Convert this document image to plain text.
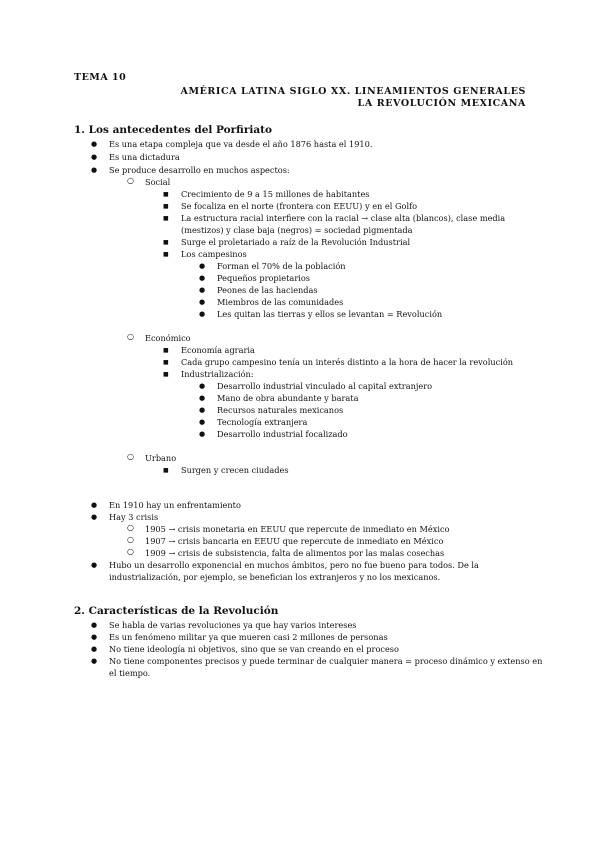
TEMA 10
AMÉRICA LATINA SIGLO XX. LINEAMIENTOS GENERALES
LA REVOLUCIÓN MEXICANA
1. Los antecedentes del Porfiriato
● Es una etapa compleja que va desde el año 1876 hasta el 1910.
● Es una dictadura
● Se produce desarrollo en muchos aspectos:
○ Social
■ Crecimiento de 9 a 15 millones de habitantes
■ Se focaliza en el norte (frontera con EEUU) y en el Golfo
■ La estructura racial interfiere con la racial → clase alta (blancos), clase media
(mestizos) y clase baja (negros) = sociedad pigmentada
■ Surge el proletariado a raíz de la Revolución Industrial
■ Los campesinos
● Forman el 70% de la población
● Pequeños propietarios
● Peones de las haciendas
● Miembros de las comunidades
● Les quitan las tierras y ellos se levantan = Revolución
○ Económico
■ Economía agraria
■ Cada grupo campesino tenía un interés distinto a la hora de hacer la revolución
■ Industrialización:
● Desarrollo industrial vinculado al capital extranjero
● Mano de obra abundante y barata
● Recursos naturales mexicanos
● Tecnología extranjera
● Desarrollo industrial focalizado
○ Urbano
■ Surgen y crecen ciudades
● En 1910 hay un enfrentamiento
● Hay 3 crisis
○ 1905 → crisis monetaria en EEUU que repercute de inmediato en México
○ 1907 → crisis bancaria en EEUU que repercute de inmediato en México
○ 1909 → crisis de subsistencia, falta de alimentos por las malas cosechas
● Hubo un desarrollo exponencial en muchos ámbitos, pero no fue bueno para todos. De la
industrialización, por ejemplo, se benefician los extranjeros y no los mexicanos.
2. Características de la Revolución
● Se habla de varias revoluciones ya que hay varios intereses
● Es un fenómeno militar ya que mueren casi 2 millones de personas
● No tiene ideología ni objetivos, sino que se van creando en el proceso
● No tiene componentes precisos y puede terminar de cualquier manera = proceso dinámico y extenso en
el tiempo.
